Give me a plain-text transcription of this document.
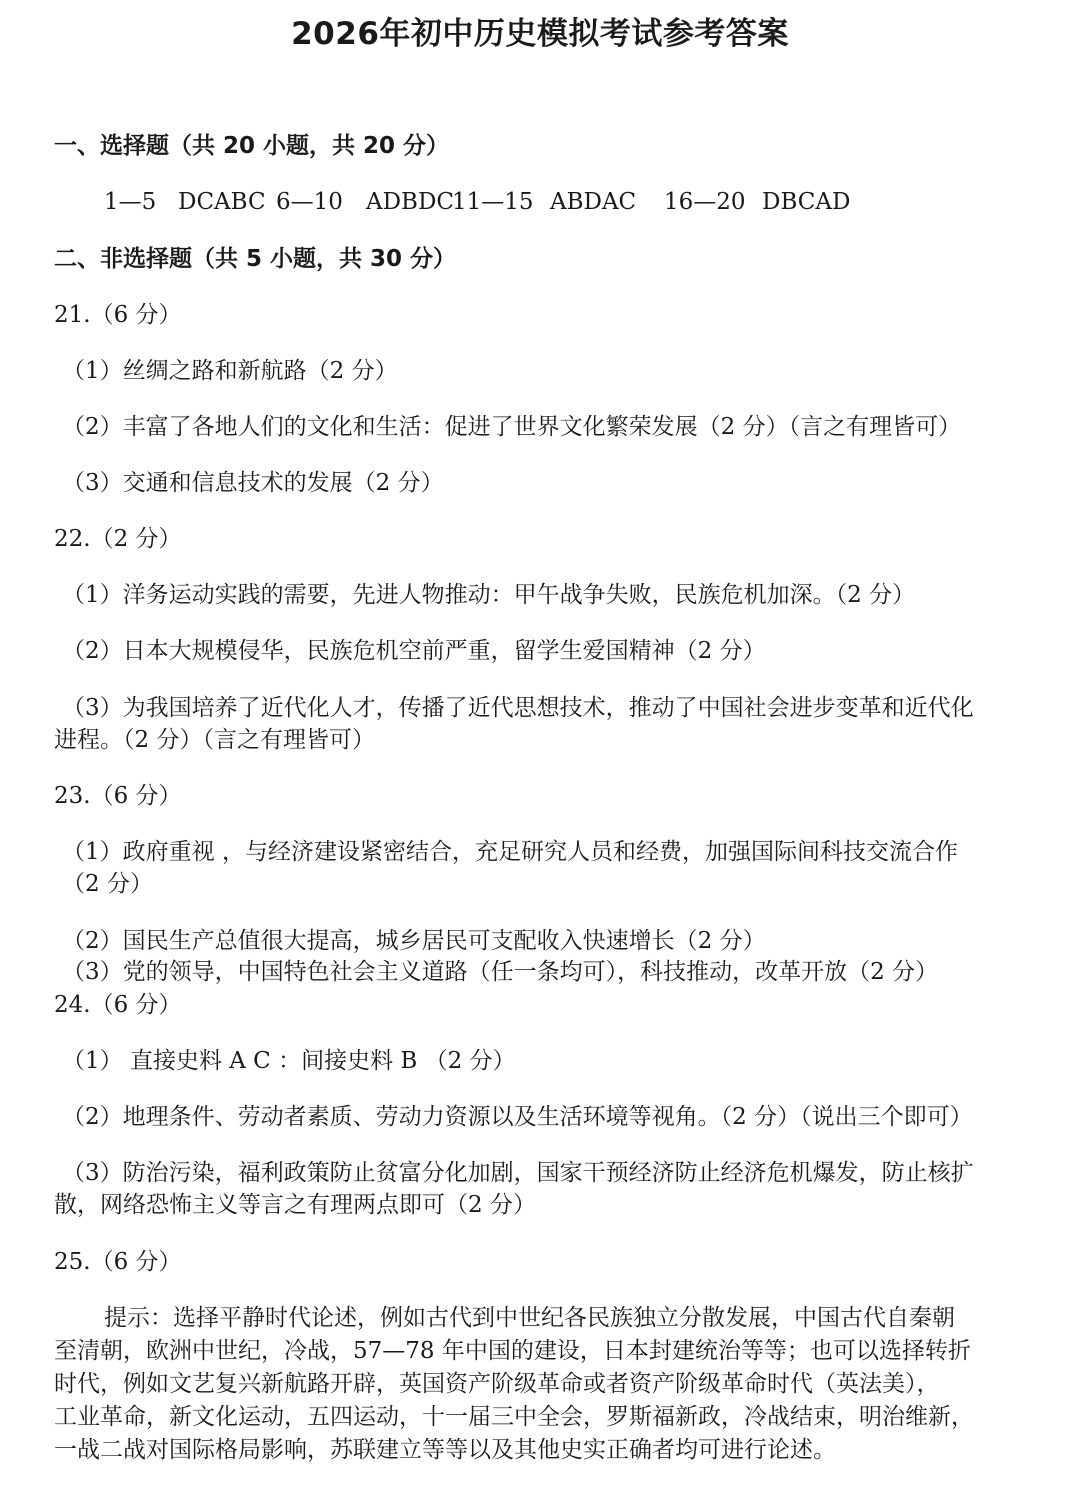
2026年初中历史模拟考试参考答案
一、选择题（共 20 小题，共 20 分）
1—5 DCABC 6—10 ADBDC
11—15 ABDAC 16—20 DBCAD
二、非选择题（共 5 小题，共 30 分）
21.（6 分）
（1）丝绸之路和新航路（2 分）
（2）丰富了各地人们的文化和生活：促进了世界文化繁荣发展（2 分）（言之有理皆可）
（3）交通和信息技术的发展（2 分）
22.（2 分）
（1）洋务运动实践的需要，先进人物推动：甲午战争失败，民族危机加深。（2 分）
（2）日本大规模侵华，民族危机空前严重，留学生爱国精神（2 分）
（3）为我国培养了近代化人才，传播了近代思想技术，推动了中国社会进步变革和近代化
进程。（2 分）（言之有理皆可）
23.（6 分）
（1）政府重视 ，与经济建设紧密结合，充足研究人员和经费，加强国际间科技交流合作
（2 分）
（2）国民生产总值很大提高，城乡居民可支配收入快速增长（2 分）
（3）党的领导，中国特色社会主义道路（任一条均可），科技推动，改革开放（2 分）
24.（6 分）
（1） 直接史料 A C ：间接史料 B （2 分）
（2）地理条件、劳动者素质、劳动力资源以及生活环境等视角。（2 分）（说出三个即可）
（3）防治污染，福利政策防止贫富分化加剧，国家干预经济防止经济危机爆发，防止核扩
散，网络恐怖主义等言之有理两点即可（2 分）
25.（6 分）
提示：选择平静时代论述，例如古代到中世纪各民族独立分散发展，中国古代自秦朝
至清朝，欧洲中世纪，冷战，57—78 年中国的建设，日本封建统治等等；也可以选择转折
时代，例如文艺复兴新航路开辟，英国资产阶级革命或者资产阶级革命时代（英法美），
工业革命，新文化运动，五四运动，十一届三中全会，罗斯福新政，冷战结束，明治维新，
一战二战对国际格局影响，苏联建立等等以及其他史实正确者均可进行论述。
